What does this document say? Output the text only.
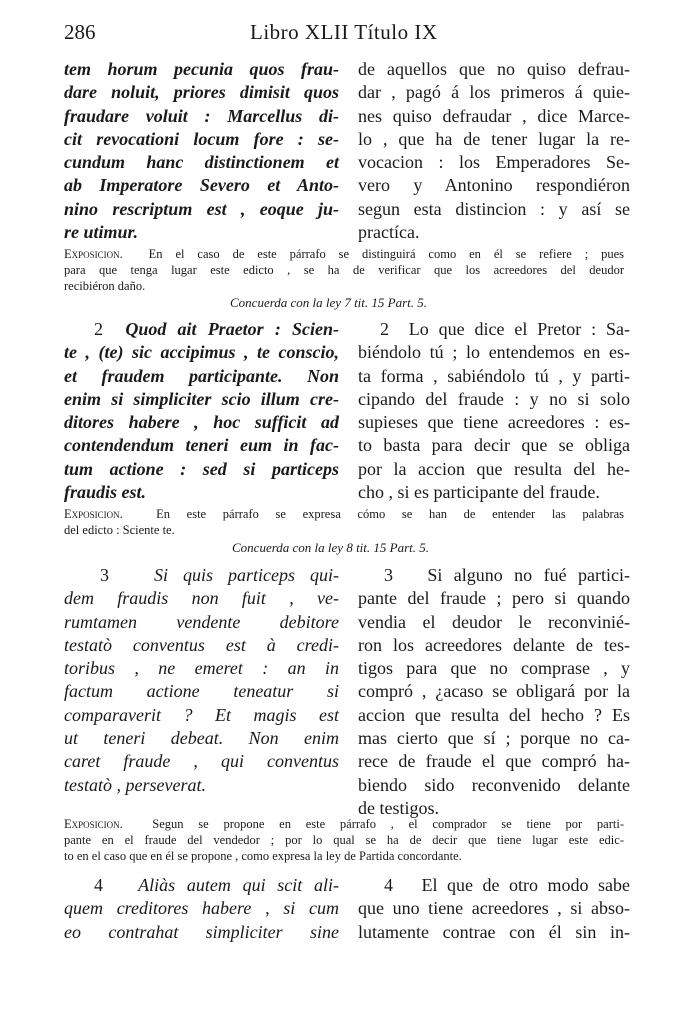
286	Libro XLII Título IX
tem horum pecunia quos frau-
dare noluit, priores dimisit quos
fraudare voluit : Marcellus di-
cit revocationi locum fore : se-
cundum hanc distinctionem et
ab Imperatore Severo et Anto-
nino rescriptum est , eoque ju-
re utimur.
de aquellos que no quiso defrau-
dar , pagó á los primeros á quie-
nes quiso defraudar , dice Marce-
lo , que ha de tener lugar la re-
vocacion : los Emperadores Se-
vero y Antonino respondiéron
segun esta distincion : y así se
practíca.
Exposicion. En el caso de este párrafo se distinguirá como en él se refiere ; pues
para que tenga lugar este edicto , se ha de verificar que los acreedores del deudor
recibiéron daño.
Concuerda con la ley 7 tit. 15 Part. 5.
2 Quod ait Praetor : Scien-
te , (te) sic accipimus , te conscio,
et fraudem participante. Non
enim si simpliciter scio illum cre-
ditores habere , hoc sufficit ad
contendendum teneri eum in fac-
tum actione : sed si particeps
fraudis est.
2 Lo que dice el Pretor : Sa-
biéndolo tú ; lo entendemos en es-
ta forma , sabiéndolo tú , y parti-
cipando del fraude : y no si solo
supieses que tiene acreedores : es-
to basta para decir que se obliga
por la accion que resulta del he-
cho , si es participante del fraude.
Exposicion.	En este párrafo se expresa cómo se han de entender las palabras
del edicto : Sciente te.
Concuerda con la ley 8 tit. 15 Part. 5.
3	Si quis particeps qui-
dem fraudis non fuit , ve-
rumtamen vendente debitore
testatò conventus est à credi-
toribus , ne emeret : an in
factum actione teneatur si
comparaverit ? Et magis est
ut teneri debeat. Non enim
caret fraude , qui conventus
testatò , perseverat.
3 Si alguno no fué partici-
pante del fraude ; pero si quando
vendia el deudor le reconvinié-
ron los acreedores delante de tes-
tigos para que no comprase , y
compró , ¿acaso se obligará por la
accion que resulta del hecho ? Es
mas cierto que sí ; porque no ca-
rece de fraude el que compró ha-
biendo sido reconvenido delante
de testigos.
Exposicion. Segun se propone en este párrafo , el comprador se tiene por parti-
pante en el fraude del vendedor ; por lo qual se ha de decir que tiene lugar este edic-
to en el caso que en él se propone , como expresa la ley de Partida concordante.
4 Aliàs autem qui scit ali-
quem creditores habere , si cum
eo contrahat simpliciter sine
4 El que de otro modo sabe
que uno tiene acreedores , si abso-
lutamente contrae con él sin in-
